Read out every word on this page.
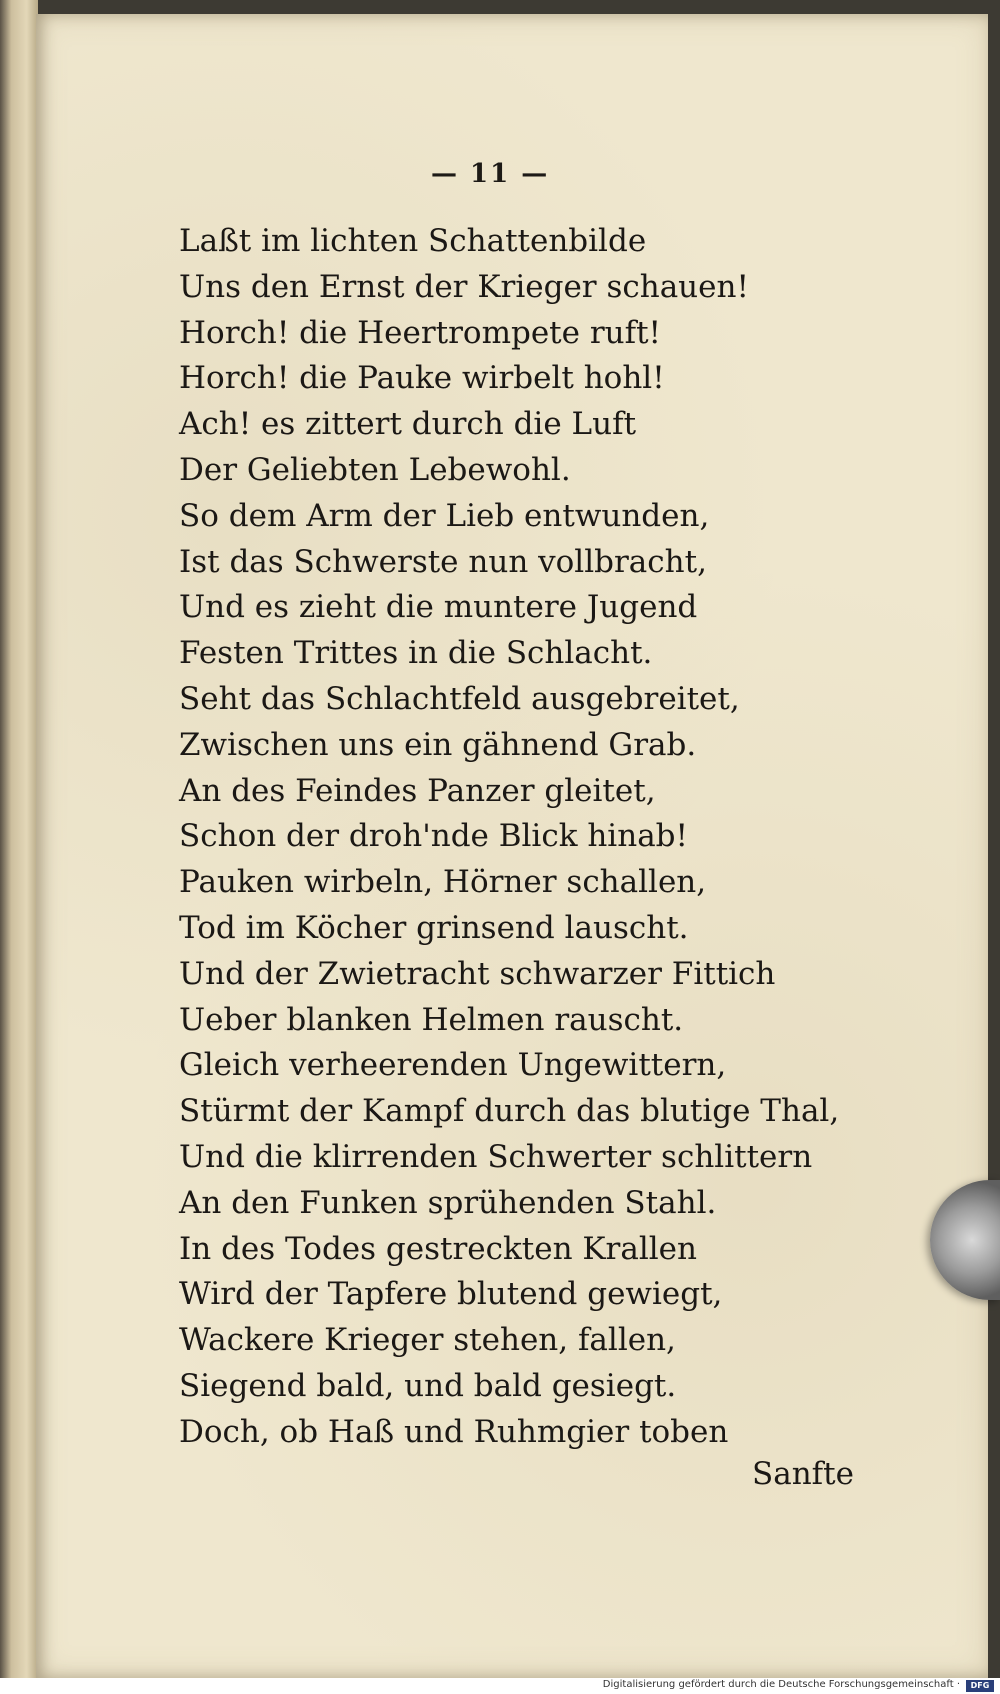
— 11 —
Laßt im lichten Schattenbilde
Uns den Ernst der Krieger schauen!
Horch! die Heertrompete ruft!
Horch! die Pauke wirbelt hohl!
Ach! es zittert durch die Luft
Der Geliebten Lebewohl.
So dem Arm der Lieb entwunden,
Ist das Schwerste nun vollbracht,
Und es zieht die muntere Jugend
Festen Trittes in die Schlacht.
Seht das Schlachtfeld ausgebreitet,
Zwischen uns ein gähnend Grab.
An des Feindes Panzer gleitet,
Schon der droh'nde Blick hinab!
Pauken wirbeln, Hörner schallen,
Tod im Köcher grinsend lauscht.
Und der Zwietracht schwarzer Fittich
Ueber blanken Helmen rauscht.
Gleich verheerenden Ungewittern,
Stürmt der Kampf durch das blutige Thal,
Und die klirrenden Schwerter schlittern
An den Funken sprühenden Stahl.
In des Todes gestreckten Krallen
Wird der Tapfere blutend gewiegt,
Wackere Krieger stehen, fallen,
Siegend bald, und bald gesiegt.
Doch, ob Haß und Ruhmgier toben
Sanfte
Digitalisierung gefördert durch die Deutsche Forschungsgemeinschaft ·	DFG
